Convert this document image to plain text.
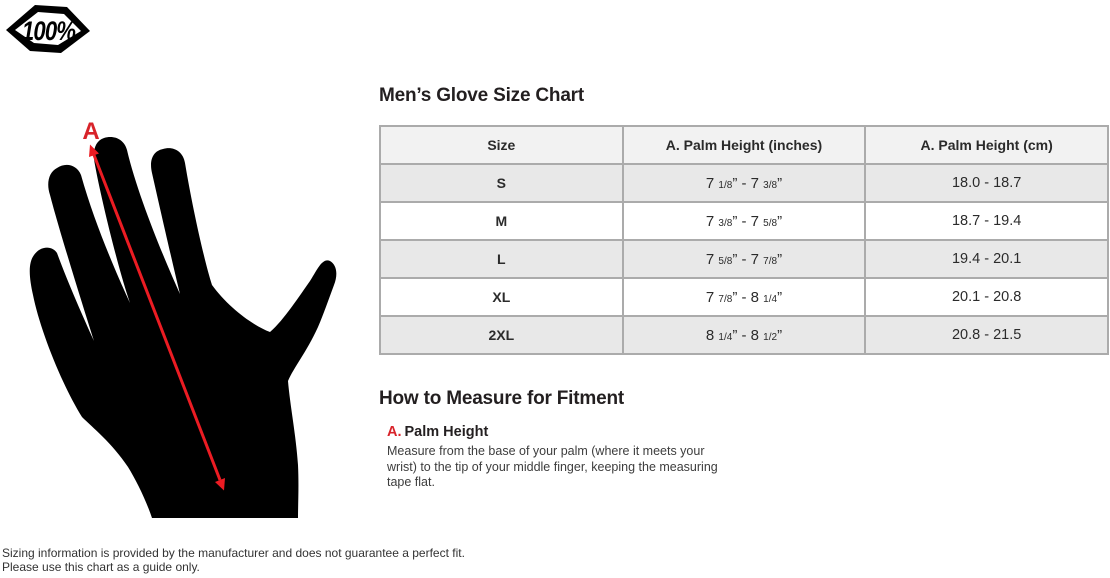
100%
A
Men’s Glove Size Chart
Size	A. Palm Height (inches)	A. Palm Height (cm)
S	7 1/8” - 7 3/8”	18.0 - 18.7
M	7 3/8” - 7 5/8”	18.7 - 19.4
L	7 5/8” - 7 7/8”	19.4 - 20.1
XL	7 7/8” - 8 1/4”	20.1 - 20.8
2XL	8 1/4” - 8 1/2”	20.8 - 21.5
How to Measure for Fitment
A. Palm Height

Measure from the base of your palm (where it meets your wrist) to the tip of your middle finger, keeping the measuring tape flat.

Sizing information is provided by the manufacturer and does not guarantee a perfect fit.
Please use this chart as a guide only.
